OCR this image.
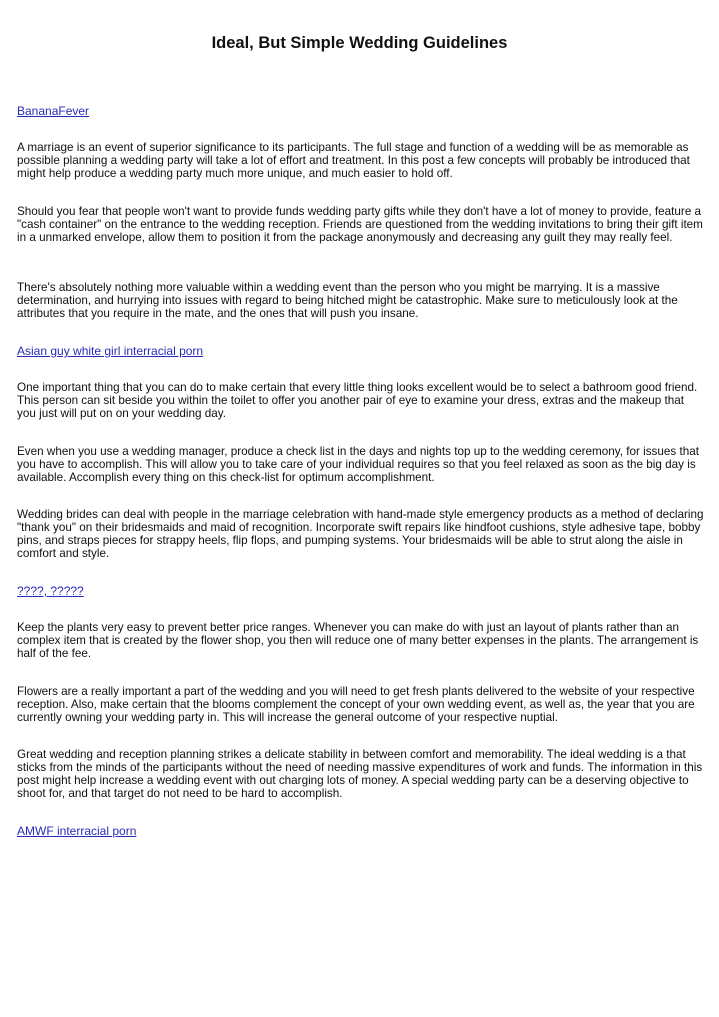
Ideal, But Simple Wedding Guidelines
BananaFever

A marriage is an event of superior significance to its participants. The full stage and function of a wedding will be as memorable as possible planning a wedding party will take a lot of effort and treatment. In this post a few concepts will probably be introduced that might help produce a wedding party much more unique, and much easier to hold off.

Should you fear that people won't want to provide funds wedding party gifts while they don't have a lot of money to provide, feature a "cash container" on the entrance to the wedding reception. Friends are questioned from the wedding invitations to bring their gift item in a unmarked envelope, allow them to position it from the package anonymously and decreasing any guilt they may really feel.

There's absolutely nothing more valuable within a wedding event than the person who you might be marrying. It is a massive determination, and hurrying into issues with regard to being hitched might be catastrophic. Make sure to meticulously look at the attributes that you require in the mate, and the ones that will push you insane.

Asian guy white girl interracial porn

One important thing that you can do to make certain that every little thing looks excellent would be to select a bathroom good friend. This person can sit beside you within the toilet to offer you another pair of eye to examine your dress, extras and the makeup that you just will put on on your wedding day.

Even when you use a wedding manager, produce a check list in the days and nights top up to the wedding ceremony, for issues that you have to accomplish. This will allow you to take care of your individual requires so that you feel relaxed as soon as the big day is available. Accomplish every thing on this check-list for optimum accomplishment.

Wedding brides can deal with people in the marriage celebration with hand-made style emergency products as a method of declaring "thank you" on their bridesmaids and maid of recognition. Incorporate swift repairs like hindfoot cushions, style adhesive tape, bobby pins, and straps pieces for strappy heels, flip flops, and pumping systems. Your bridesmaids will be able to strut along the aisle in comfort and style.

????, ?????

Keep the plants very easy to prevent better price ranges. Whenever you can make do with just an layout of plants rather than an complex item that is created by the flower shop, you then will reduce one of many better expenses in the plants. The arrangement is half of the fee.

Flowers are a really important a part of the wedding and you will need to get fresh plants delivered to the website of your respective reception. Also, make certain that the blooms complement the concept of your own wedding event, as well as, the year that you are currently owning your wedding party in. This will increase the general outcome of your respective nuptial.

Great wedding and reception planning strikes a delicate stability in between comfort and memorability. The ideal wedding is a that sticks from the minds of the participants without the need of needing massive expenditures of work and funds. The information in this post might help increase a wedding event with out charging lots of money. A special wedding party can be a deserving objective to shoot for, and that target do not need to be hard to accomplish.

AMWF interracial porn
